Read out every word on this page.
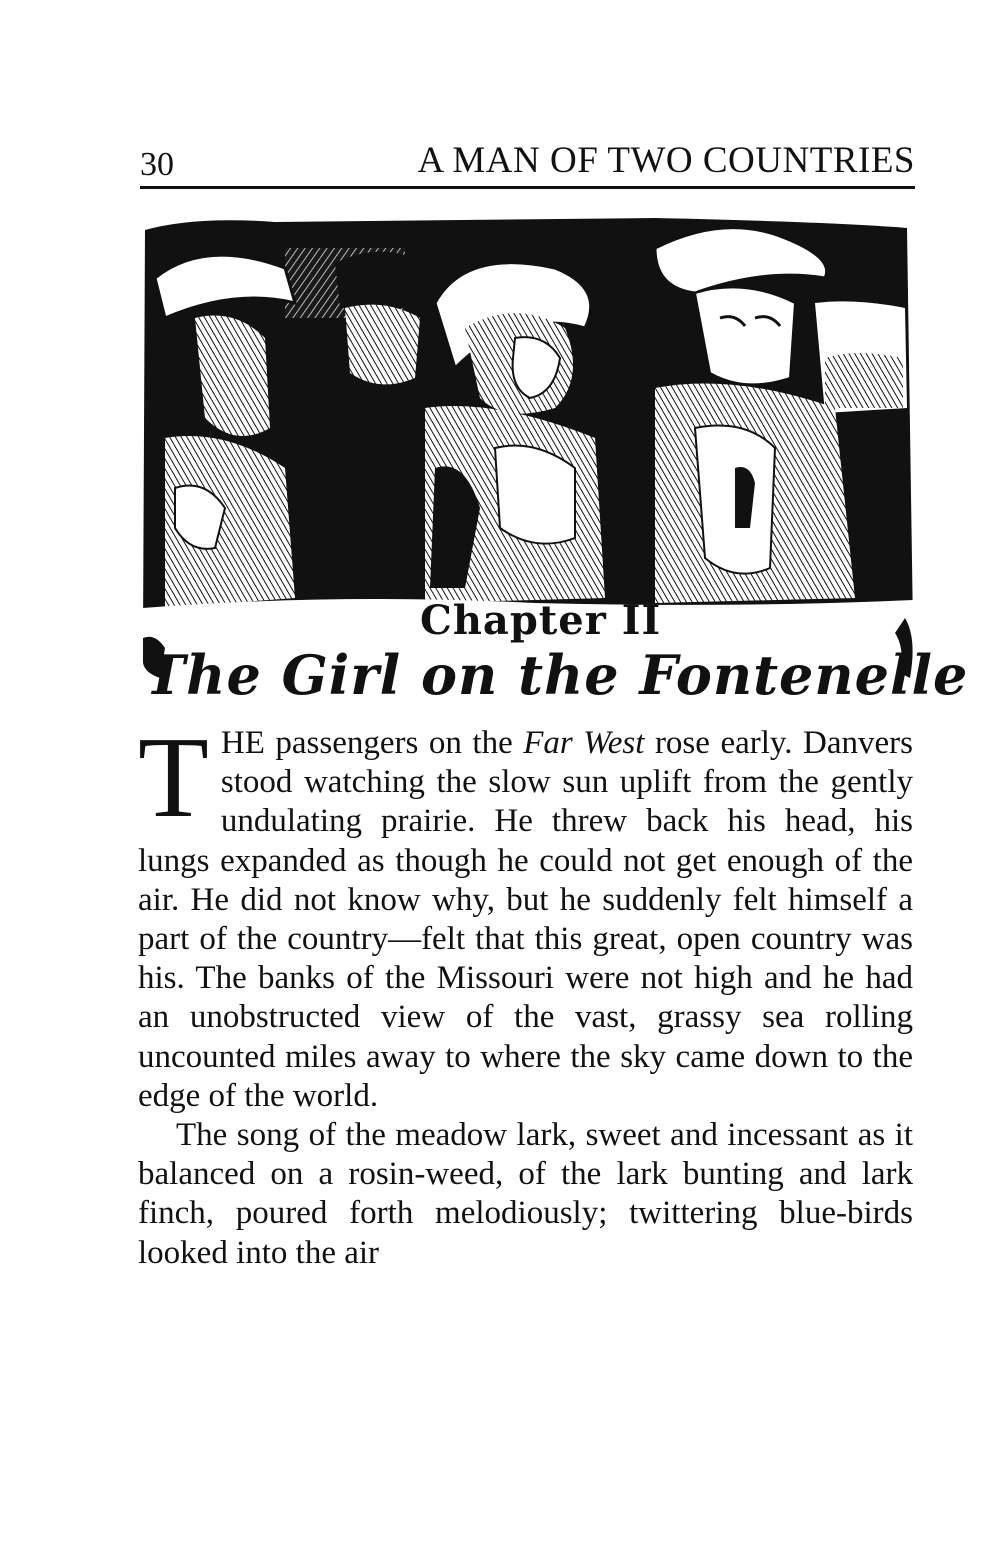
30	A MAN OF TWO COUNTRIES
Chapter II
The Girl on the Fontenelle

THE passengers on the Far West rose early. Danvers stood watching the slow sun uplift from the gently undulating prairie. He threw back his head, his lungs expanded as though he could not get enough of the air. He did not know why, but he suddenly felt himself a part of the country—felt that this great, open country was his. The banks of the Missouri were not high and he had an unobstructed view of the vast, grassy sea rolling uncounted miles away to where the sky came down to the edge of the world.

The song of the meadow lark, sweet and incessant as it balanced on a rosin-weed, of the lark bunting and lark finch, poured forth melodiously; twittering blue-birds looked into the air
